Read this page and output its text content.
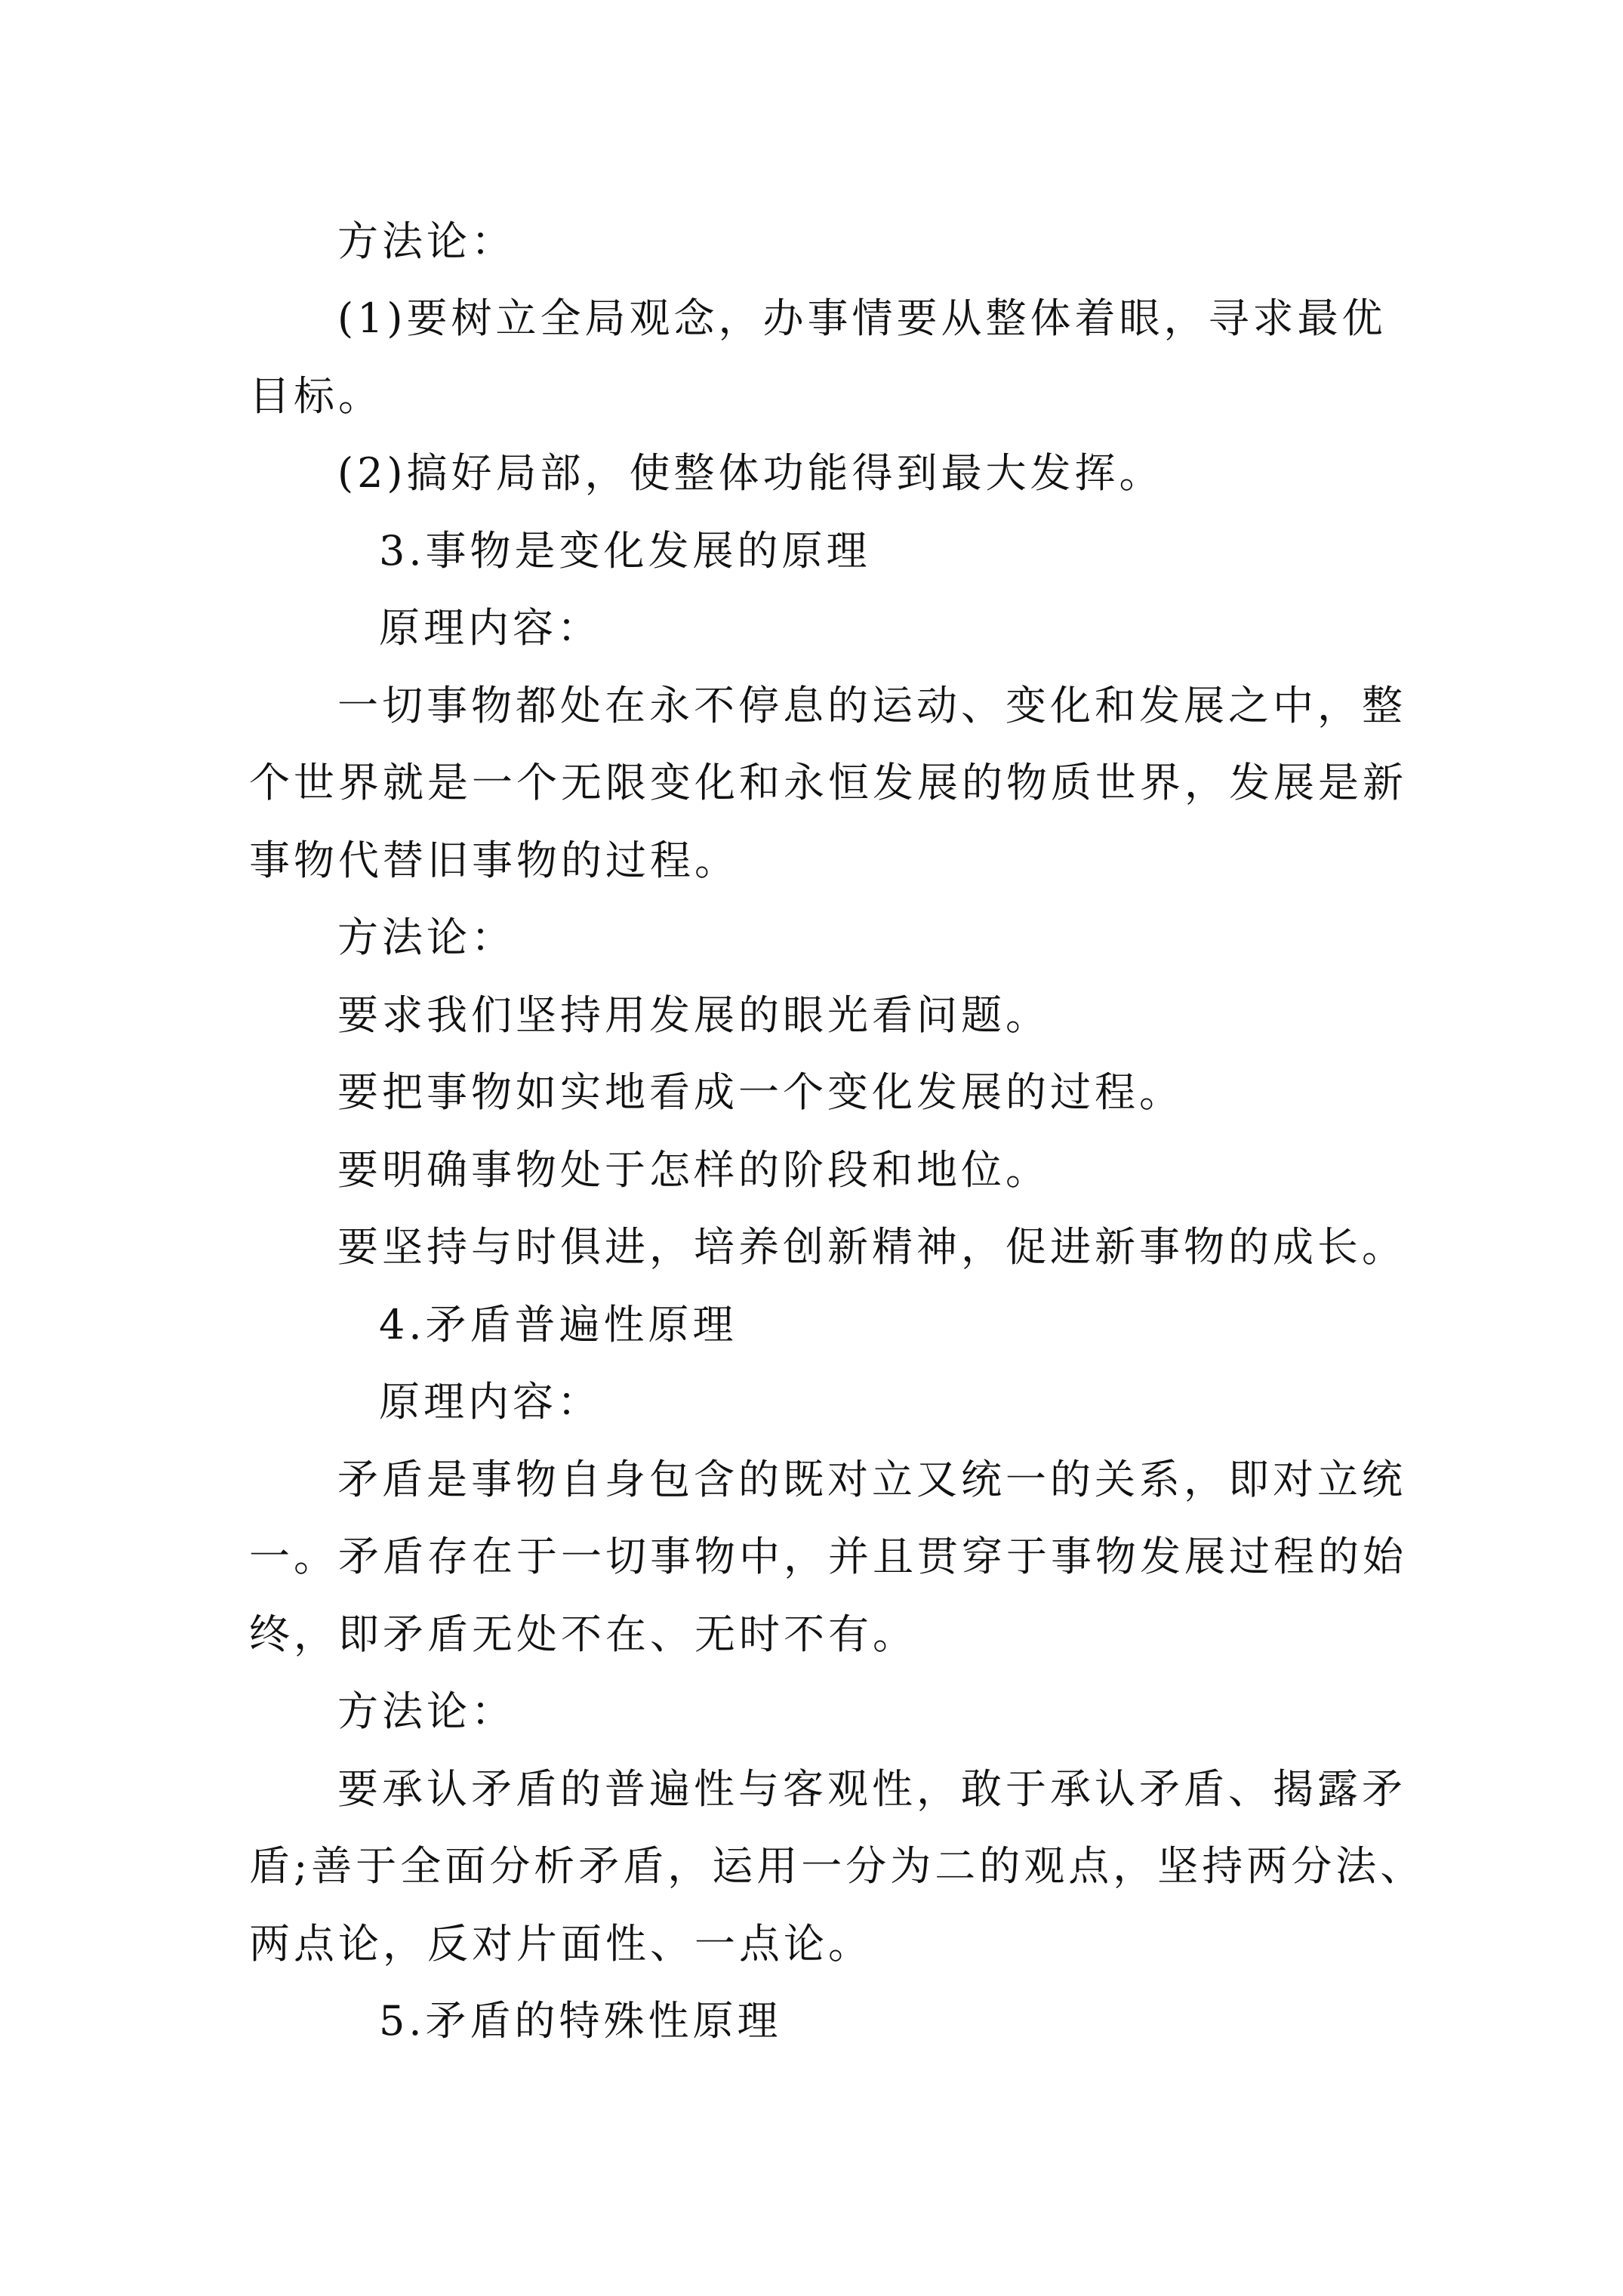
方法论：
(1)要树立全局观念，办事情要从整体着眼，寻求最优
目标。
(2)搞好局部，使整体功能得到最大发挥。
3.事物是变化发展的原理
原理内容：
一切事物都处在永不停息的运动、变化和发展之中，整
个世界就是一个无限变化和永恒发展的物质世界，发展是新
事物代替旧事物的过程。
方法论：
要求我们坚持用发展的眼光看问题。
要把事物如实地看成一个变化发展的过程。
要明确事物处于怎样的阶段和地位。
要坚持与时俱进，培养创新精神，促进新事物的成长。
4.矛盾普遍性原理
原理内容：
矛盾是事物自身包含的既对立又统一的关系，即对立统
一。矛盾存在于一切事物中，并且贯穿于事物发展过程的始
终，即矛盾无处不在、无时不有。
方法论：
要承认矛盾的普遍性与客观性，敢于承认矛盾、揭露矛
盾;善于全面分析矛盾，运用一分为二的观点，坚持两分法、
两点论，反对片面性、一点论。
5.矛盾的特殊性原理
